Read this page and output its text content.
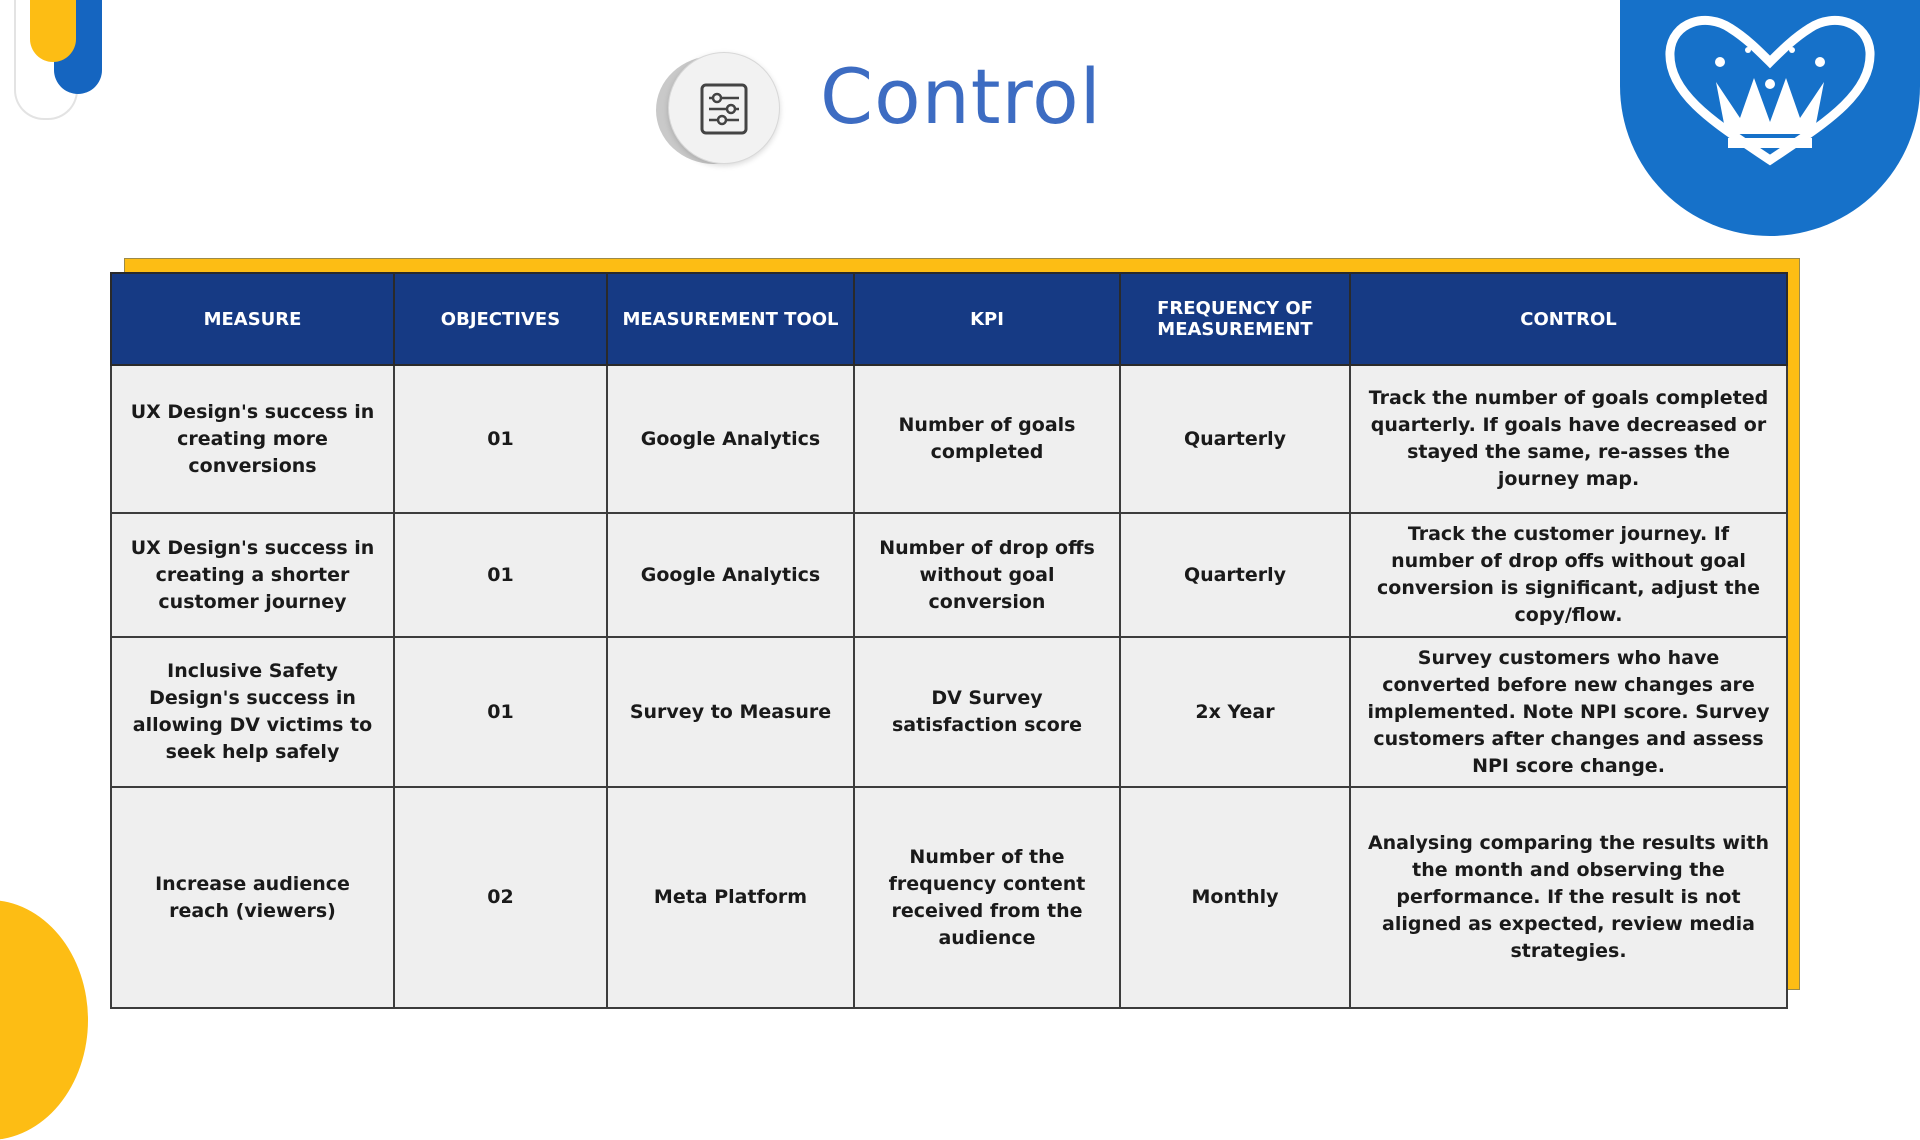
Control
MEASURE	OBJECTIVES	MEASUREMENT TOOL	KPI	FREQUENCY OF MEASUREMENT	CONTROL
UX Design's success in creating more conversions	01	Google Analytics	Number of goals completed	Quarterly	Track the number of goals completed quarterly. If goals have decreased or stayed the same, re-asses the journey map.
UX Design's success in creating a shorter customer journey	01	Google Analytics	Number of drop offs without goal conversion	Quarterly	Track the customer journey. If number of drop offs without goal conversion is significant, adjust the copy/flow.
Inclusive Safety Design's success in allowing DV victims to seek help safely	01	Survey to Measure	DV Survey satisfaction score	2x Year	Survey customers who have converted before new changes are implemented. Note NPI score. Survey customers after changes and assess NPI score change.
Increase audience reach (viewers)	02	Meta Platform	Number of the frequency content received from the audience	Monthly	Analysing comparing the results with the month and observing the performance. If the result is not aligned as expected, review media strategies.
